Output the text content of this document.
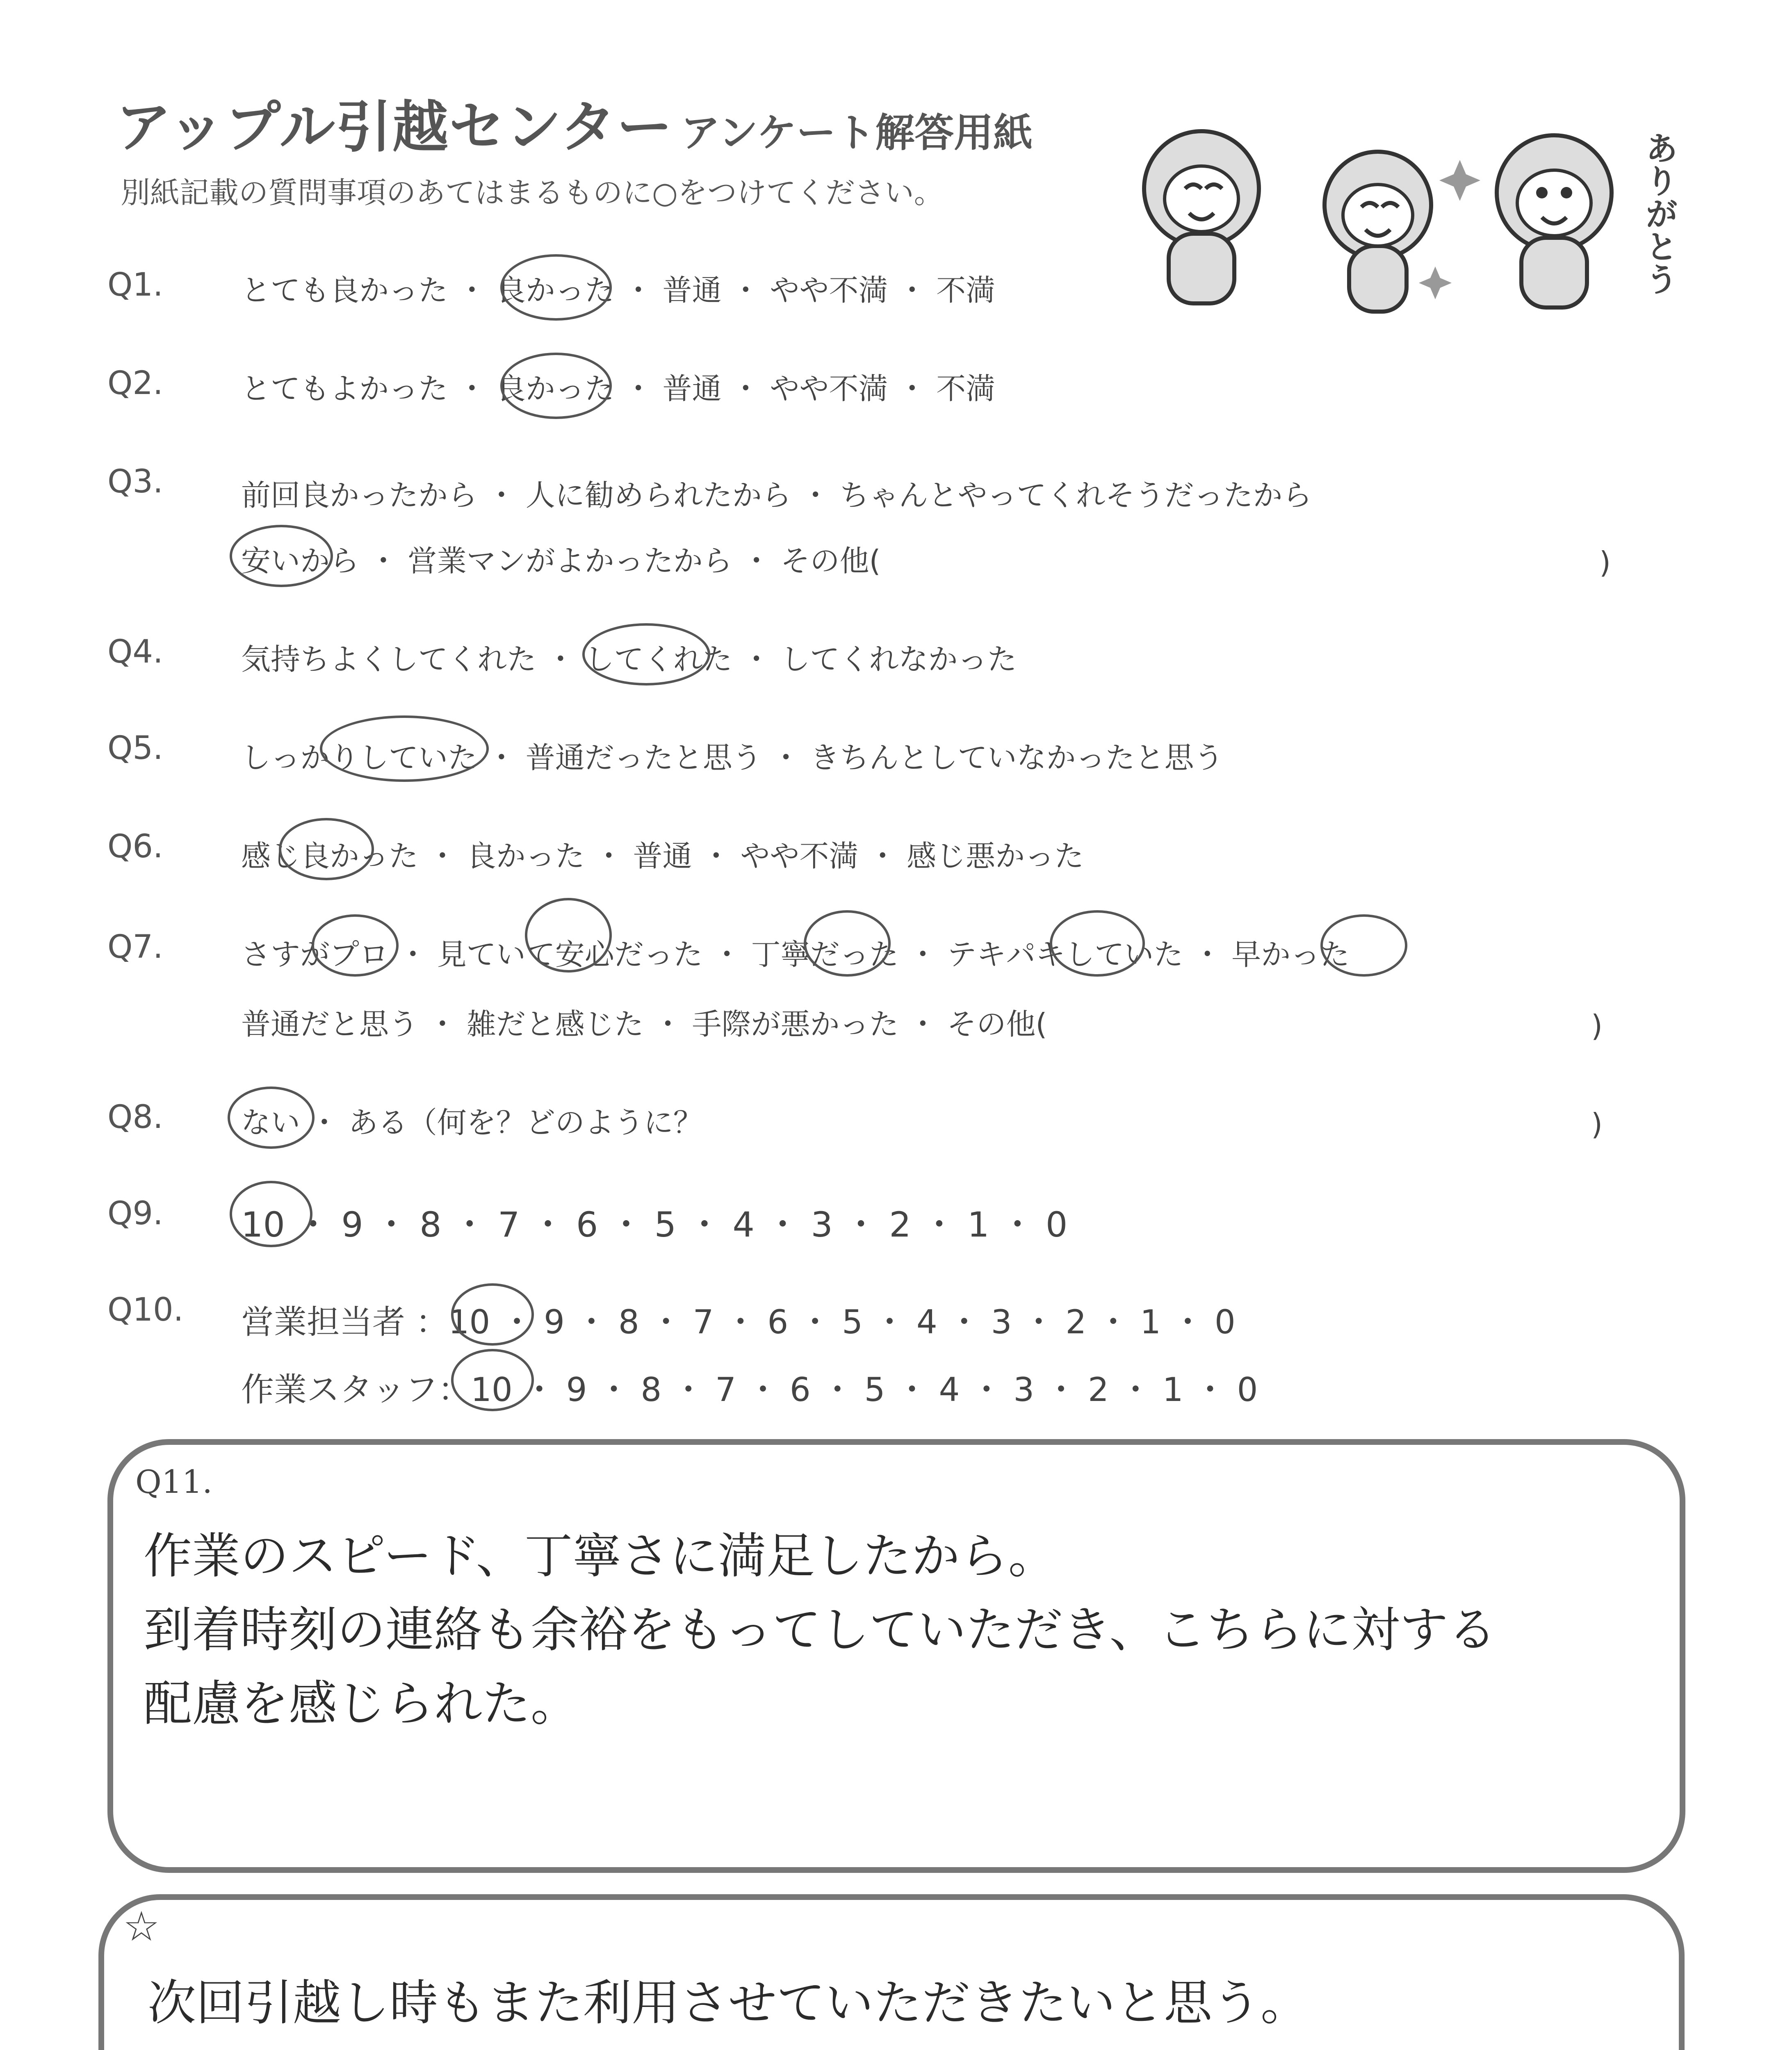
アップル引越センター アンケート解答用紙
別紙記載の質問事項のあてはまるものに○をつけてください。	ありがとう
Q1.	とても良かった ・ 良かった ・ 普通 ・ やや不満 ・ 不満
Q2.	とてもよかった ・ 良かった ・ 普通 ・ やや不満 ・ 不満
Q3.	前回良かったから ・ 人に勧められたから ・ ちゃんとやってくれそうだったから
安いから ・ 営業マンがよかったから ・ その他(	)
Q4.	気持ちよくしてくれた ・ してくれた ・ してくれなかった
Q5.	しっかりしていた ・ 普通だったと思う ・ きちんとしていなかったと思う
Q6.	感じ良かった ・ 良かった ・ 普通 ・ やや不満 ・ 感じ悪かった
Q7.	さすがプロ ・ 見ていて安心だった ・ 丁寧だった ・ テキパキしていた ・ 早かった
普通だと思う ・ 雑だと感じた ・ 手際が悪かった ・ その他(	)
Q8.	ない ・ ある（何を？どのように？	)
Q9. 10 ・ 9 ・ 8 ・ 7 ・ 6 ・ 5 ・ 4 ・ 3 ・ 2 ・ 1 ・ 0
Q10. 営業担当者 ：10 ・ 9 ・ 8 ・ 7 ・ 6 ・ 5 ・ 4 ・ 3 ・ 2 ・ 1 ・ 0
作業スタッフ：10 ・ 9 ・ 8 ・ 7 ・ 6 ・ 5 ・ 4 ・ 3 ・ 2 ・ 1 ・ 0
Q11.
作業のスピード、丁寧さに満足したから。
到着時刻の連絡も余裕をもってしていただき、こちらに対する
配慮を感じられた。
☆
次回引越し時もまた利用させていただきたいと思う。
